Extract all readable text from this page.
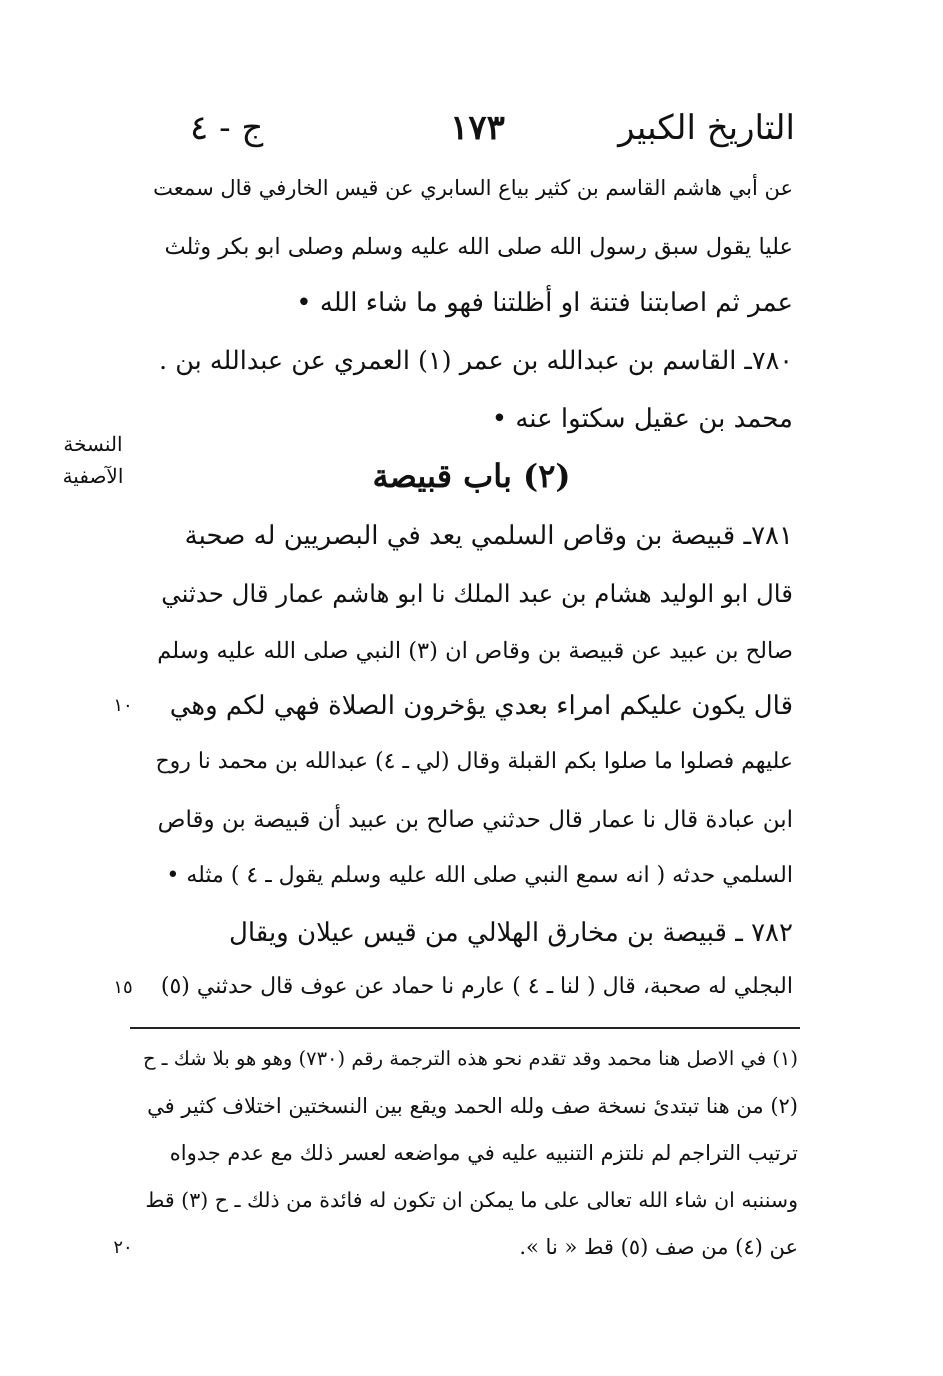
التاريخ الكبير
١٧٣
ج - ٤
عن أبي هاشم القاسم بن كثير بياع السابري عن قيس الخارفي قال سمعت
عليا يقول سبق رسول الله صلى الله عليه وسلم وصلى ابو بكر وثلث
عمر ثم اصابتنا فتنة او أظلتنا فهو ما شاء الله •
٧٨٠ـ القاسم بن عبدالله بن عمر (١) العمري عن عبدالله بن .
محمد بن عقيل سكتوا عنه •
(٢) باب قبيصة
النسخة
الآصفية
٧٨١ـ قبيصة بن وقاص السلمي يعد في البصريين له صحبة
قال ابو الوليد هشام بن عبد الملك نا ابو هاشم عمار قال حدثني
صالح بن عبيد عن قبيصة بن وقاص ان (٣) النبي صلى الله عليه وسلم
قال يكون عليكم امراء بعدي يؤخرون الصلاة فهي لكم وهي
عليهم فصلوا ما صلوا بكم القبلة وقال (لي ـ ٤) عبدالله بن محمد نا روح
ابن عبادة قال نا عمار قال حدثني صالح بن عبيد أن قبيصة بن وقاص
السلمي حدثه ( انه سمع النبي صلى الله عليه وسلم يقول ـ ٤ ) مثله •
٧٨٢ ـ قبيصة بن مخارق الهلالي من قيس عيلان ويقال
البجلي له صحبة، قال ( لنا ـ ٤ ) عارم نا حماد عن عوف قال حدثني (٥)
١٠
١٥
٢٠
(١) في الاصل هنا محمد وقد تقدم نحو هذه الترجمة رقم (٧٣٠) وهو هو بلا شك ـ ح
(٢) من هنا تبتدئ نسخة صف ولله الحمد ويقع بين النسختين اختلاف كثير في
ترتيب التراجم لم نلتزم التنبيه عليه في مواضعه لعسر ذلك مع عدم جدواه
وسننبه ان شاء الله تعالى على ما يمكن ان تكون له فائدة من ذلك ـ ح (٣) قط
عن (٤) من صف (٥) قط « نا ».
